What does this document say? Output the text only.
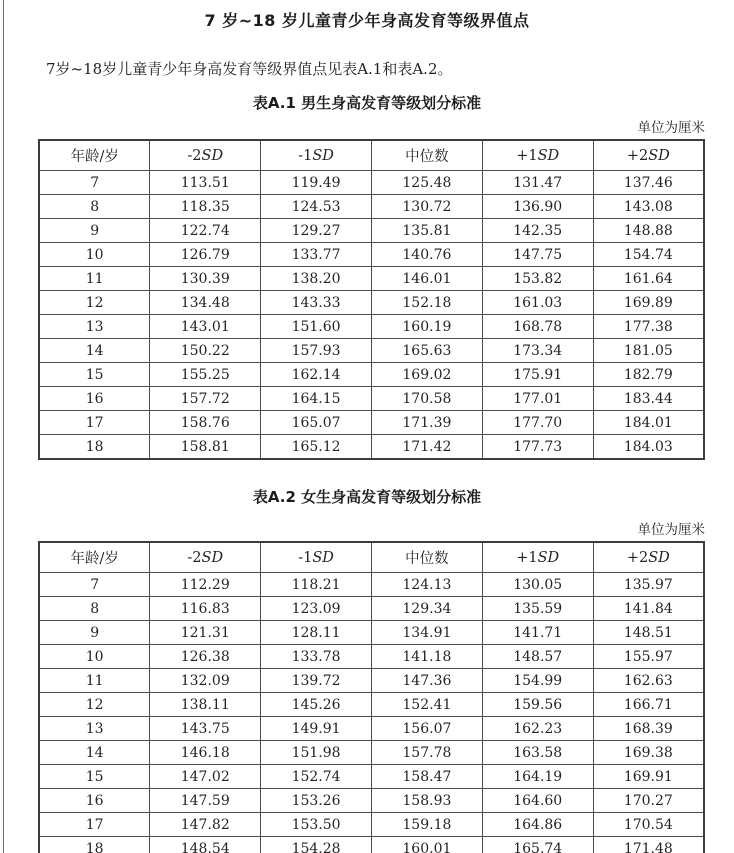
7 岁~18 岁儿童青少年身高发育等级界值点

7岁~18岁儿童青少年身高发育等级界值点见表A.1和表A.2。

表A.1 男生身高发育等级划分标准
单位为厘米
年龄/岁	-2SD	-1SD	中位数	+1SD	+2SD
7	113.51	119.49	125.48	131.47	137.46
8	118.35	124.53	130.72	136.90	143.08
9	122.74	129.27	135.81	142.35	148.88
10	126.79	133.77	140.76	147.75	154.74
11	130.39	138.20	146.01	153.82	161.64
12	134.48	143.33	152.18	161.03	169.89
13	143.01	151.60	160.19	168.78	177.38
14	150.22	157.93	165.63	173.34	181.05
15	155.25	162.14	169.02	175.91	182.79
16	157.72	164.15	170.58	177.01	183.44
17	158.76	165.07	171.39	177.70	184.01
18	158.81	165.12	171.42	177.73	184.03
表A.2 女生身高发育等级划分标准
单位为厘米
年龄/岁	-2SD	-1SD	中位数	+1SD	+2SD
7	112.29	118.21	124.13	130.05	135.97
8	116.83	123.09	129.34	135.59	141.84
9	121.31	128.11	134.91	141.71	148.51
10	126.38	133.78	141.18	148.57	155.97
11	132.09	139.72	147.36	154.99	162.63
12	138.11	145.26	152.41	159.56	166.71
13	143.75	149.91	156.07	162.23	168.39
14	146.18	151.98	157.78	163.58	169.38
15	147.02	152.74	158.47	164.19	169.91
16	147.59	153.26	158.93	164.60	170.27
17	147.82	153.50	159.18	164.86	170.54
18	148.54	154.28	160.01	165.74	171.48
